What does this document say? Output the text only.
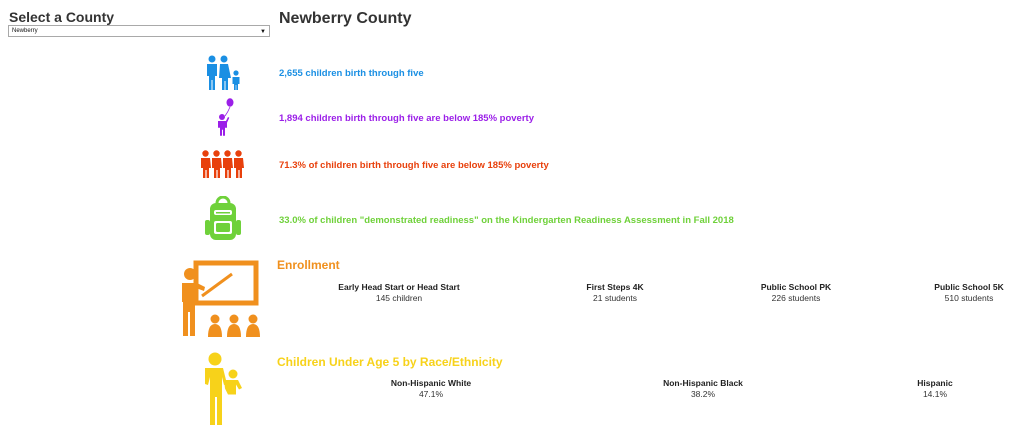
Select a County
Newberry	▼
Newberry County
2,655 children birth through five
1,894 children birth through five are below 185% poverty
71.3% of children birth through five are below 185% poverty
33.0% of children "demonstrated readiness" on the Kindergarten Readiness Assessment in Fall 2018
Enrollment
Early Head Start or Head Start
145 children
First Steps 4K
21 students
Public School PK
226 students
Public School 5K
510 students
Children Under Age 5 by Race/Ethnicity
Non-Hispanic White
47.1%
Non-Hispanic Black
38.2%
Hispanic
14.1%
